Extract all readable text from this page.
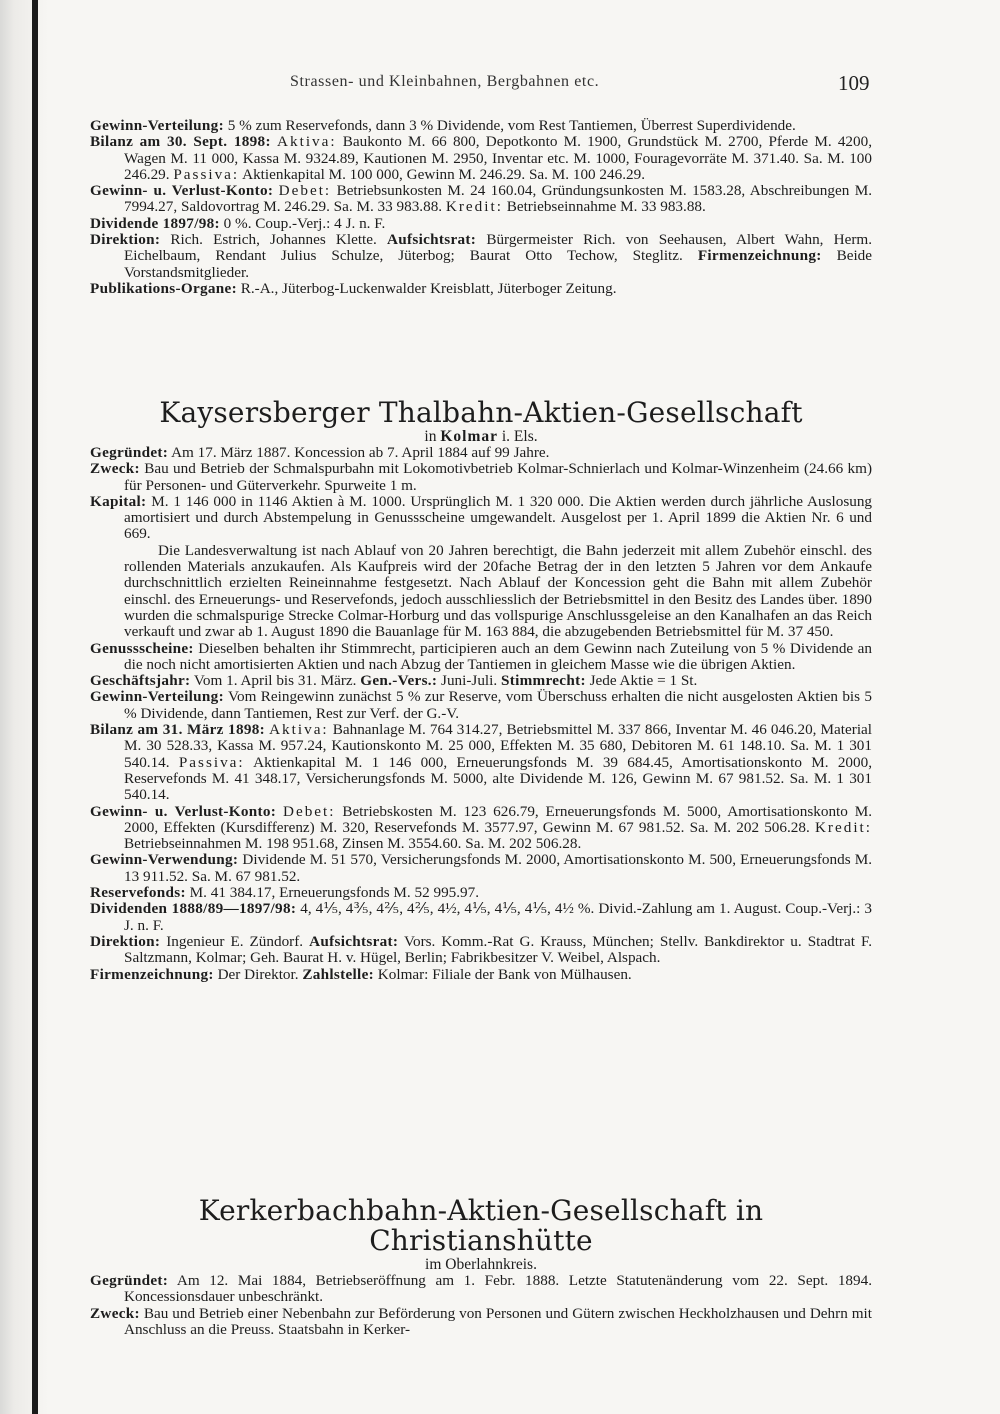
Strassen- und Kleinbahnen, Bergbahnen etc.	109

Gewinn-Verteilung: 5 % zum Reservefonds, dann 3 % Dividende, vom Rest Tantiemen, Überrest Superdividende.

Bilanz am 30. Sept. 1898: Aktiva: Baukonto M. 66 800, Depotkonto M. 1900, Grundstück M. 2700, Pferde M. 4200, Wagen M. 11 000, Kassa M. 9324.89, Kautionen M. 2950, Inventar etc. M. 1000, Fouragevorräte M. 371.40. Sa. M. 100 246.29. Passiva: Aktienkapital M. 100 000, Gewinn M. 246.29. Sa. M. 100 246.29.

Gewinn- u. Verlust-Konto: Debet: Betriebsunkosten M. 24 160.04, Gründungsunkosten M. 1583.28, Abschreibungen M. 7994.27, Saldovortrag M. 246.29. Sa. M. 33 983.88. Kredit: Betriebseinnahme M. 33 983.88.

Dividende 1897/98: 0 %. Coup.-Verj.: 4 J. n. F.

Direktion: Rich. Estrich, Johannes Klette. Aufsichtsrat: Bürgermeister Rich. von Seehausen, Albert Wahn, Herm. Eichelbaum, Rendant Julius Schulze, Jüterbog; Baurat Otto Techow, Steglitz. Firmenzeichnung: Beide Vorstandsmitglieder.

Publikations-Organe: R.-A., Jüterbog-Luckenwalder Kreisblatt, Jüterboger Zeitung.

Kaysersberger Thalbahn-Aktien-Gesellschaft

in Kolmar i. Els.

Gegründet: Am 17. März 1887. Koncession ab 7. April 1884 auf 99 Jahre.

Zweck: Bau und Betrieb der Schmalspurbahn mit Lokomotivbetrieb Kolmar-Schnierlach und Kolmar-Winzenheim (24.66 km) für Personen- und Güterverkehr. Spurweite 1 m.

Kapital: M. 1 146 000 in 1146 Aktien à M. 1000. Ursprünglich M. 1 320 000. Die Aktien werden durch jährliche Auslosung amortisiert und durch Abstempelung in Genussscheine umgewandelt. Ausgelost per 1. April 1899 die Aktien Nr. 6 und 669.

Die Landesverwaltung ist nach Ablauf von 20 Jahren berechtigt, die Bahn jederzeit mit allem Zubehör einschl. des rollenden Materials anzukaufen. Als Kaufpreis wird der 20fache Betrag der in den letzten 5 Jahren vor dem Ankaufe durchschnittlich erzielten Reineinnahme festgesetzt. Nach Ablauf der Koncession geht die Bahn mit allem Zubehör einschl. des Erneuerungs- und Reservefonds, jedoch ausschliesslich der Betriebsmittel in den Besitz des Landes über. 1890 wurden die schmalspurige Strecke Colmar-Horburg und das vollspurige Anschlussgeleise an den Kanalhafen an das Reich verkauft und zwar ab 1. August 1890 die Bauanlage für M. 163 884, die abzugebenden Betriebsmittel für M. 37 450.

Genussscheine: Dieselben behalten ihr Stimmrecht, participieren auch an dem Gewinn nach Zuteilung von 5 % Dividende an die noch nicht amortisierten Aktien und nach Abzug der Tantiemen in gleichem Masse wie die übrigen Aktien.

Geschäftsjahr: Vom 1. April bis 31. März. Gen.-Vers.: Juni-Juli. Stimmrecht: Jede Aktie = 1 St.

Gewinn-Verteilung: Vom Reingewinn zunächst 5 % zur Reserve, vom Überschuss erhalten die nicht ausgelosten Aktien bis 5 % Dividende, dann Tantiemen, Rest zur Verf. der G.-V.

Bilanz am 31. März 1898: Aktiva: Bahnanlage M. 764 314.27, Betriebsmittel M. 337 866, Inventar M. 46 046.20, Material M. 30 528.33, Kassa M. 957.24, Kautionskonto M. 25 000, Effekten M. 35 680, Debitoren M. 61 148.10. Sa. M. 1 301 540.14. Passiva: Aktienkapital M. 1 146 000, Erneuerungsfonds M. 39 684.45, Amortisationskonto M. 2000, Reservefonds M. 41 348.17, Versicherungsfonds M. 5000, alte Dividende M. 126, Gewinn M. 67 981.52. Sa. M. 1 301 540.14.

Gewinn- u. Verlust-Konto: Debet: Betriebskosten M. 123 626.79, Erneuerungsfonds M. 5000, Amortisationskonto M. 2000, Effekten (Kursdifferenz) M. 320, Reservefonds M. 3577.97, Gewinn M. 67 981.52. Sa. M. 202 506.28. Kredit: Betriebseinnahmen M. 198 951.68, Zinsen M. 3554.60. Sa. M. 202 506.28.

Gewinn-Verwendung: Dividende M. 51 570, Versicherungsfonds M. 2000, Amortisationskonto M. 500, Erneuerungsfonds M. 13 911.52. Sa. M. 67 981.52.

Reservefonds: M. 41 384.17, Erneuerungsfonds M. 52 995.97.

Dividenden 1888/89—1897/98: 4, 4⅕, 4⅗, 4⅖, 4⅖, 4½, 4⅕, 4⅕, 4⅕, 4½ %. Divid.-Zahlung am 1. August. Coup.-Verj.: 3 J. n. F.

Direktion: Ingenieur E. Zündorf. Aufsichtsrat: Vors. Komm.-Rat G. Krauss, München; Stellv. Bankdirektor u. Stadtrat F. Saltzmann, Kolmar; Geh. Baurat H. v. Hügel, Berlin; Fabrikbesitzer V. Weibel, Alspach.

Firmenzeichnung: Der Direktor. Zahlstelle: Kolmar: Filiale der Bank von Mülhausen.

Kerkerbachbahn-Aktien-Gesellschaft in Christianshütte

im Oberlahnkreis.

Gegründet: Am 12. Mai 1884, Betriebseröffnung am 1. Febr. 1888. Letzte Statutenänderung vom 22. Sept. 1894. Koncessionsdauer unbeschränkt.

Zweck: Bau und Betrieb einer Nebenbahn zur Beförderung von Personen und Gütern zwischen Heckholzhausen und Dehrn mit Anschluss an die Preuss. Staatsbahn in Kerker-
